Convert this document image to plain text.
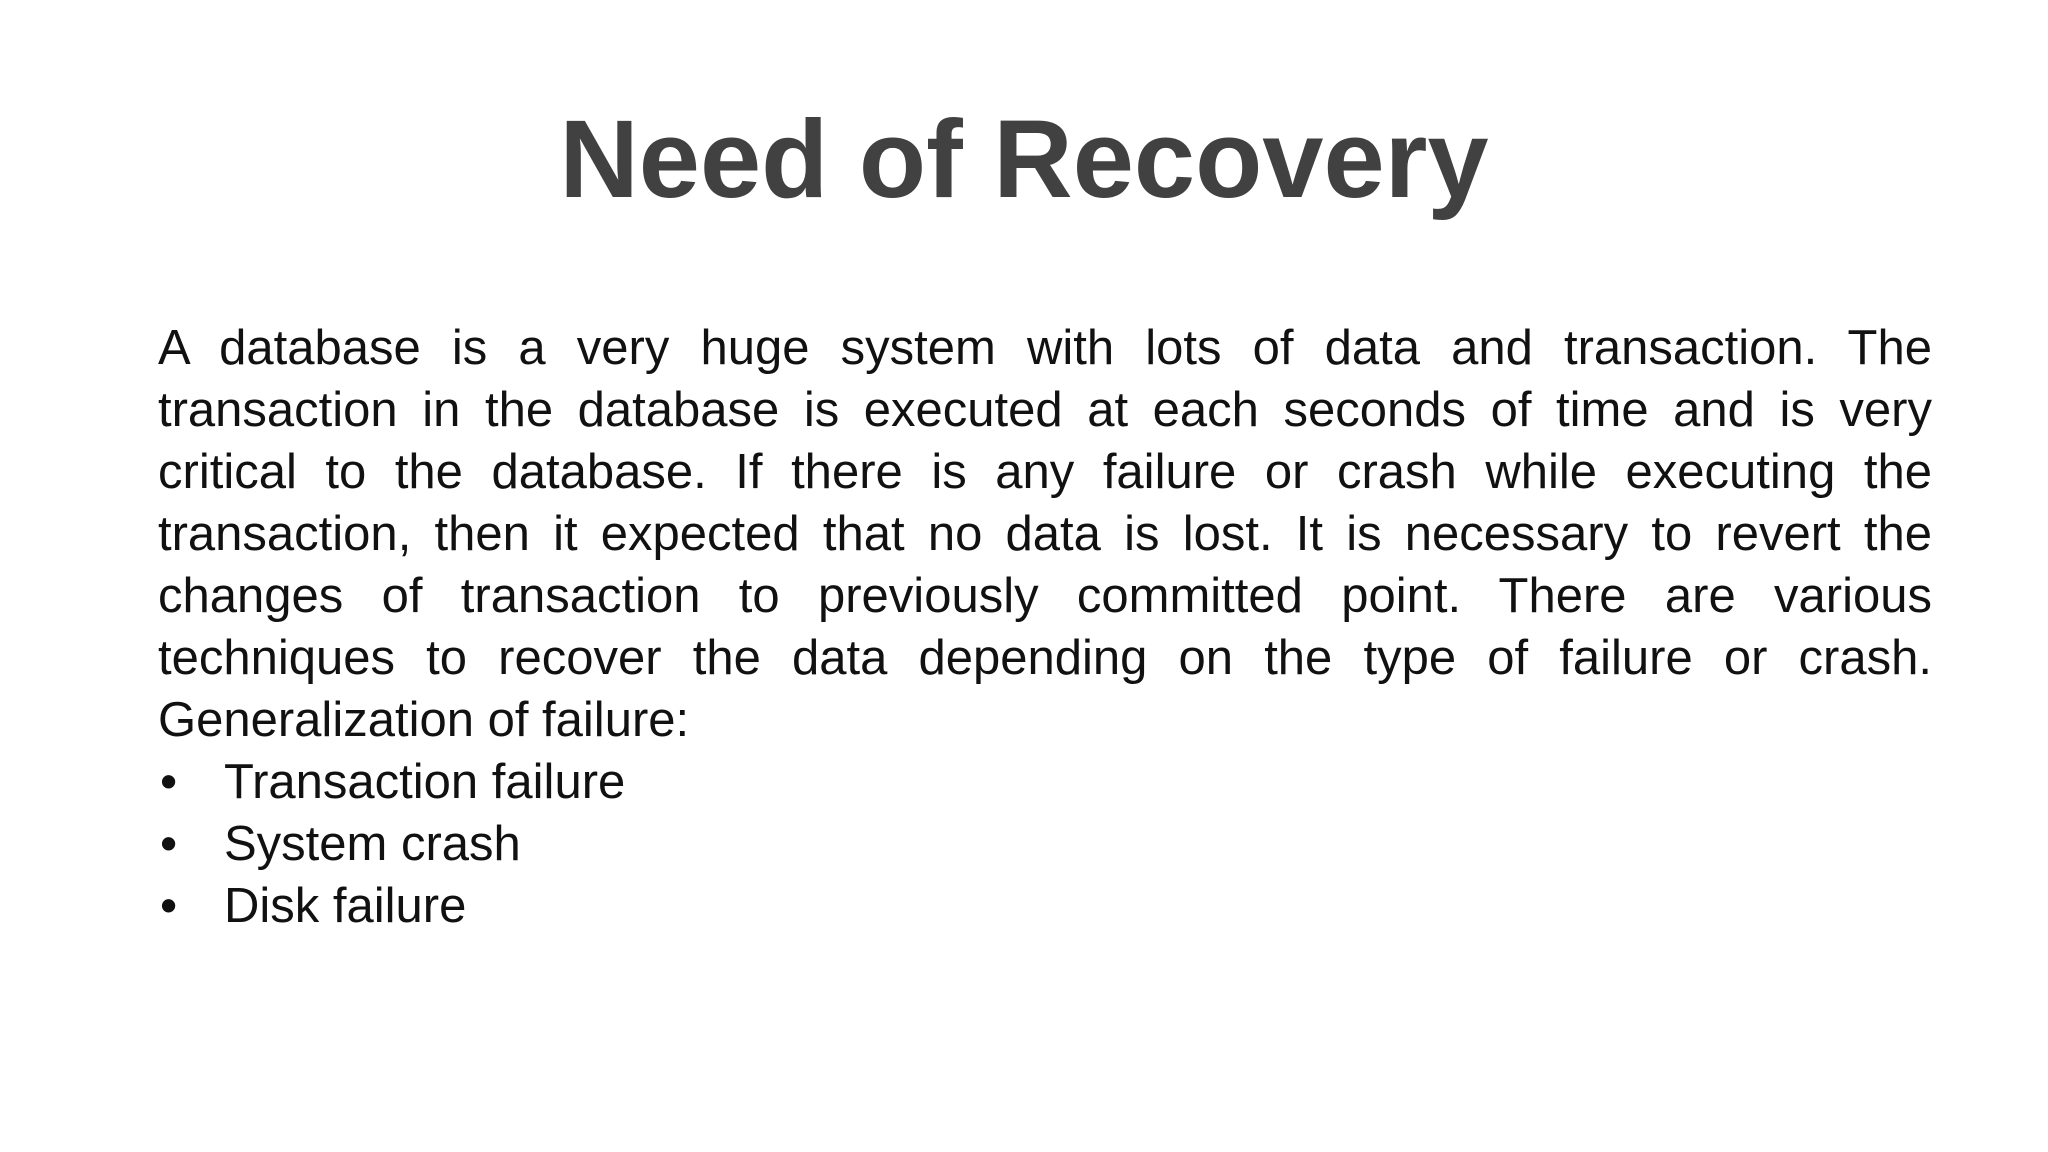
Need of Recovery

A database is a very huge system with lots of data and transaction. The transaction in the database is executed at each seconds of time and is very critical to the database. If there is any failure or crash while executing the transaction, then it expected that no data is lost. It is necessary to revert the changes of transaction to previously committed point. There are various techniques to recover the data depending on the type of failure or crash. Generalization of failure:

• Transaction failure
• System crash
• Disk failure
